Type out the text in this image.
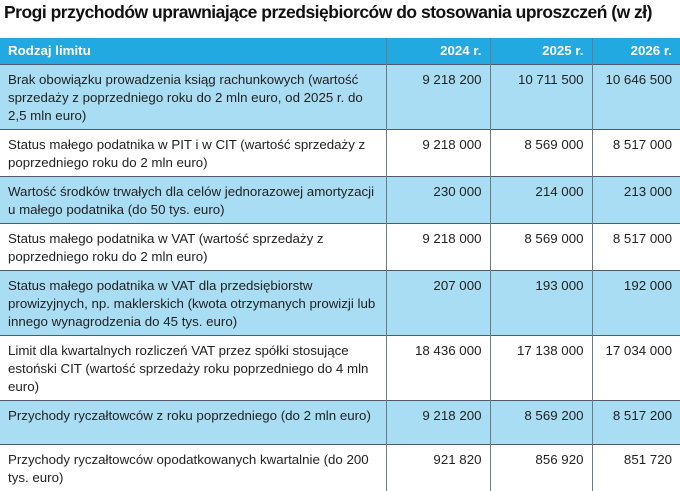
Progi przychodów uprawniające przedsiębiorców do stosowania uproszczeń (w zł)
Rodzaj limitu	2024 r.	2025 r.	2026 r.
Brak obowiązku prowadzenia ksiąg rachunkowych (wartość sprzedaży z poprzedniego roku do 2 mln euro, od 2025 r. do 2,5 mln euro)	9 218 200	10 711 500	10 646 500
Status małego podatnika w PIT i w CIT (wartość sprzedaży z poprzedniego roku do 2 mln euro)	9 218 000	8 569 000	8 517 000
Wartość środków trwałych dla celów jednorazowej amortyzacji u małego podatnika (do 50 tys. euro)	230 000	214 000	213 000
Status małego podatnika w VAT (wartość sprzedaży z poprzedniego roku do 2 mln euro)	9 218 000	8 569 000	8 517 000
Status małego podatnika w VAT dla przedsiębiorstw prowizyjnych, np. maklerskich (kwota otrzymanych prowizji lub innego wynagrodzenia do 45 tys. euro)	207 000	193 000	192 000
Limit dla kwartalnych rozliczeń VAT przez spółki stosujące estoński CIT (wartość sprzedaży roku poprzedniego do 4 mln euro)	18 436 000	17 138 000	17 034 000
Przychody ryczałtowców z roku poprzedniego (do 2 mln euro)	9 218 200	8 569 200	8 517 200
Przychody ryczałtowców opodatkowanych kwartalnie (do 200 tys. euro)	921 820	856 920	851 720
